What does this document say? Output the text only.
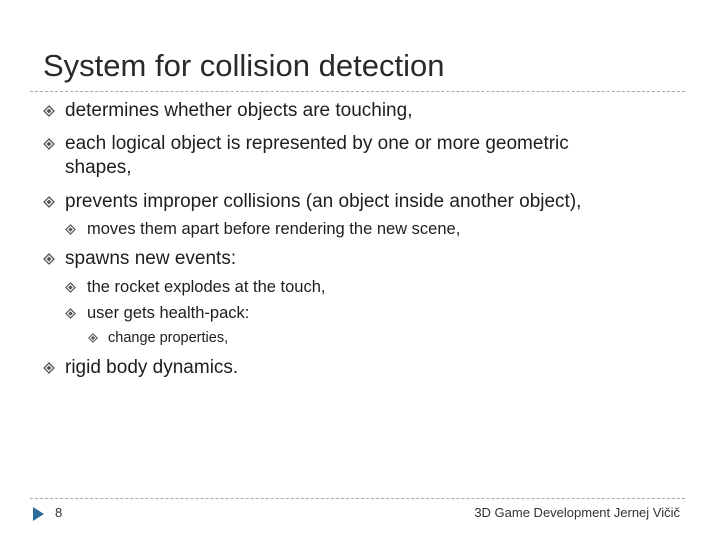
System for collision detection
determines whether objects are touching,
each logical object is represented by one or more geometric
shapes,
prevents improper collisions (an object inside another object),
moves them apart before rendering the new scene,
spawns new events:
the rocket explodes at the touch,
user gets health-pack:
change properties,
rigid body dynamics.
8	3D Game Development Jernej Vičič
